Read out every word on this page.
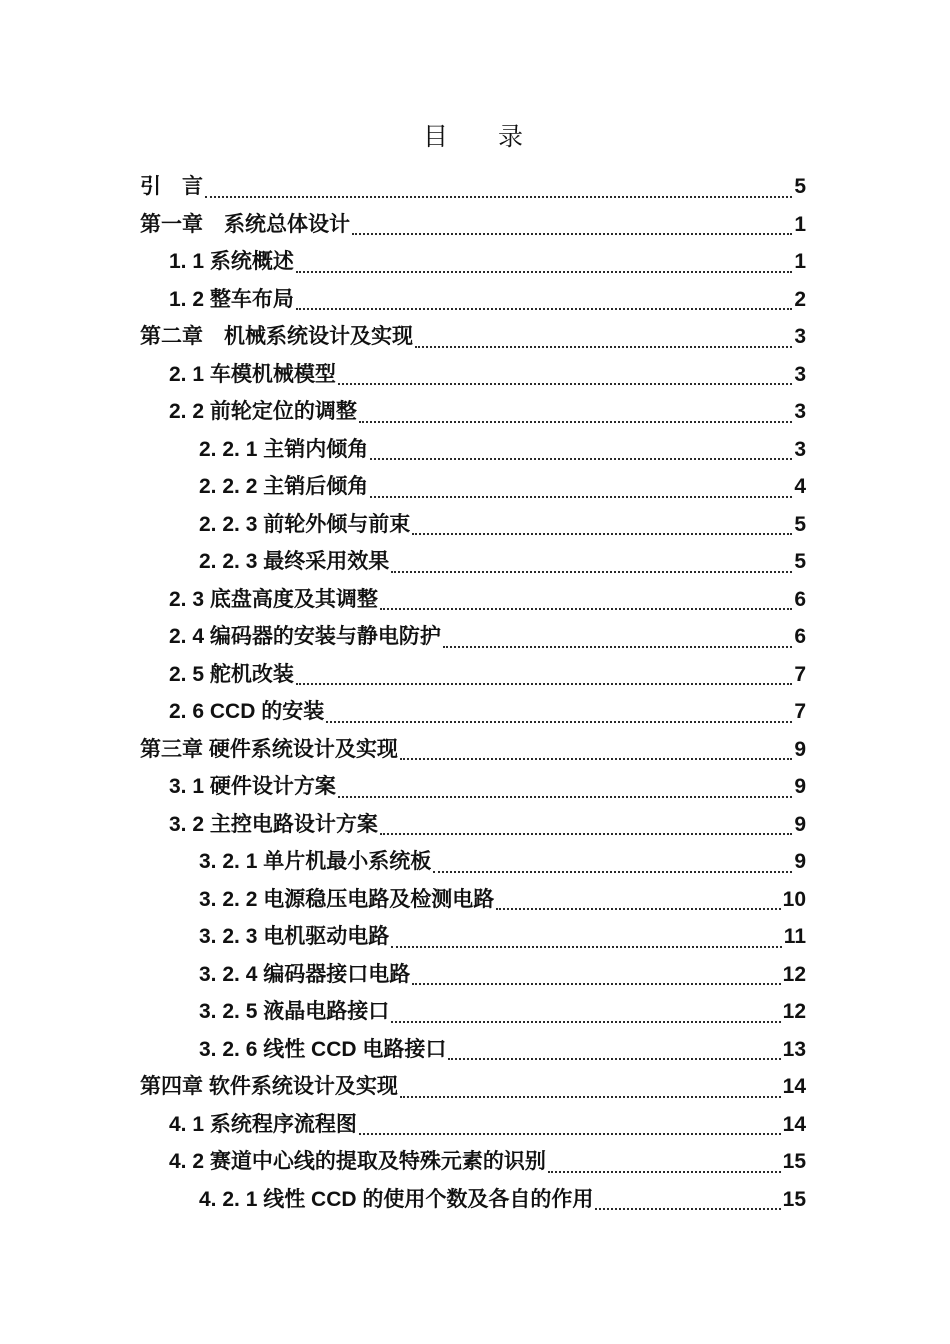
目　　录
引　言	5
第一章　系统总体设计	1
1. 1 系统概述	1
1. 2 整车布局	2
第二章　机械系统设计及实现	3
2. 1 车模机械模型	3
2. 2 前轮定位的调整	3
2. 2. 1 主销内倾角	3
2. 2. 2 主销后倾角	4
2. 2. 3 前轮外倾与前束	5
2. 2. 3 最终采用效果	5
2. 3 底盘高度及其调整	6
2. 4 编码器的安装与静电防护	6
2. 5 舵机改装	7
2. 6 CCD 的安装	7
第三章 硬件系统设计及实现	9
3. 1 硬件设计方案	9
3. 2 主控电路设计方案	9
3. 2. 1 单片机最小系统板	9
3. 2. 2 电源稳压电路及检测电路	10
3. 2. 3 电机驱动电路	11
3. 2. 4 编码器接口电路	12
3. 2. 5 液晶电路接口	12
3. 2. 6 线性 CCD 电路接口	13
第四章 软件系统设计及实现	14
4. 1 系统程序流程图	14
4. 2 赛道中心线的提取及特殊元素的识别	15
4. 2. 1 线性 CCD 的使用个数及各自的作用	15
